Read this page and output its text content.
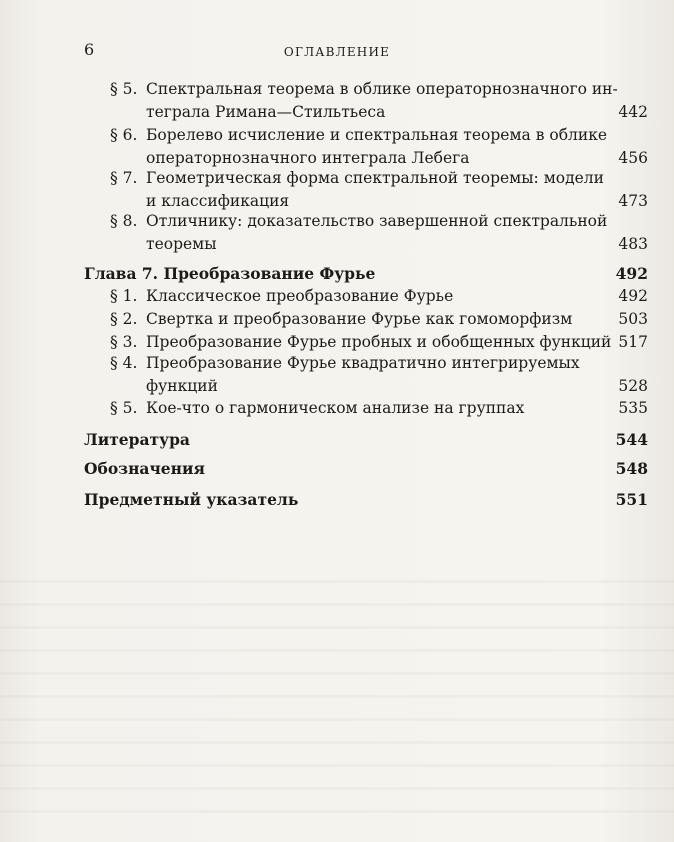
6	ОГЛАВЛЕНИЕ
§ 5. Спектральная теорема в облике операторнозначного ин-
тегрaла Римана—Стильтьеса	442
§ 6. Борелево исчисление и спектральная теорема в облике
операторнозначного интеграла Лебега	456
§ 7. Геометрическая форма спектральной теоремы: модели
и классификация	473
§ 8. Отличнику: доказательство завершенной спектральной
теоремы	483
Глава 7. Преобразование Фурье	492
§ 1. Классическое преобразование Фурье	492
§ 2. Свертка и преобразование Фурье как гомоморфизм	503
§ 3. Преобразование Фурье пробных и обобщенных функций 517
§ 4. Преобразование Фурье квадратично интегрируемых
функций	528
§ 5. Кое-что о гармоническом анализе на группах	535
Литература	544
Обозначения	548
Предметный указатель	551
